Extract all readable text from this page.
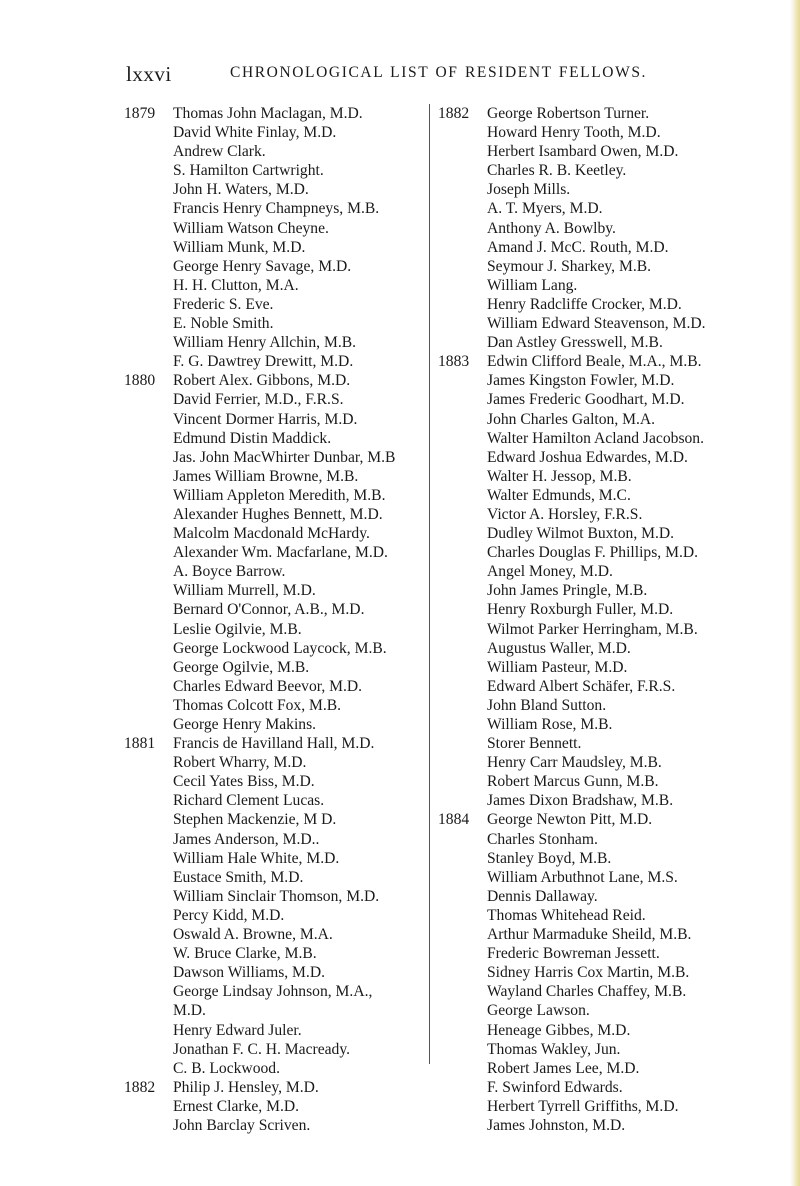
lxxvi	CHRONOLOGICAL LIST OF RESIDENT FELLOWS.
1879 Thomas John Maclagan, M.D.
David White Finlay, M.D.
Andrew Clark.
S. Hamilton Cartwright.
John H. Waters, M.D.
Francis Henry Champneys, M.B.
William Watson Cheyne.
William Munk, M.D.
George Henry Savage, M.D.
H. H. Clutton, M.A.
Frederic S. Eve.
E. Noble Smith.
William Henry Allchin, M.B.
F. G. Dawtrey Drewitt, M.D.
1880 Robert Alex. Gibbons, M.D.
David Ferrier, M.D., F.R.S.
Vincent Dormer Harris, M.D.
Edmund Distin Maddick.
Jas. John MacWhirter Dunbar, M.B
James William Browne, M.B.
William Appleton Meredith, M.B.
Alexander Hughes Bennett, M.D.
Malcolm Macdonald McHardy.
Alexander Wm. Macfarlane, M.D.
A. Boyce Barrow.
William Murrell, M.D.
Bernard O'Connor, A.B., M.D.
Leslie Ogilvie, M.B.
George Lockwood Laycock, M.B.
George Ogilvie, M.B.
Charles Edward Beevor, M.D.
Thomas Colcott Fox, M.B.
George Henry Makins.
1881 Francis de Havilland Hall, M.D.
Robert Wharry, M.D.
Cecil Yates Biss, M.D.
Richard Clement Lucas.
Stephen Mackenzie, M D.
James Anderson, M.D..
William Hale White, M.D.
Eustace Smith, M.D.
William Sinclair Thomson, M.D.
Percy Kidd, M.D.
Oswald A. Browne, M.A.
W. Bruce Clarke, M.B.
Dawson Williams, M.D.
George Lindsay Johnson, M.A.,
M.D.
Henry Edward Juler.
Jonathan F. C. H. Macready.
C. B. Lockwood.
1882 Philip J. Hensley, M.D.
Ernest Clarke, M.D.
John Barclay Scriven.
1882 George Robertson Turner.
Howard Henry Tooth, M.D.
Herbert Isambard Owen, M.D.
Charles R. B. Keetley.
Joseph Mills.
A. T. Myers, M.D.
Anthony A. Bowlby.
Amand J. McC. Routh, M.D.
Seymour J. Sharkey, M.B.
William Lang.
Henry Radcliffe Crocker, M.D.
William Edward Steavenson, M.D.
Dan Astley Gresswell, M.B.
1883 Edwin Clifford Beale, M.A., M.B.
James Kingston Fowler, M.D.
James Frederic Goodhart, M.D.
John Charles Galton, M.A.
Walter Hamilton Acland Jacobson.
Edward Joshua Edwardes, M.D.
Walter H. Jessop, M.B.
Walter Edmunds, M.C.
Victor A. Horsley, F.R.S.
Dudley Wilmot Buxton, M.D.
Charles Douglas F. Phillips, M.D.
Angel Money, M.D.
John James Pringle, M.B.
Henry Roxburgh Fuller, M.D.
Wilmot Parker Herringham, M.B.
Augustus Waller, M.D.
William Pasteur, M.D.
Edward Albert Schäfer, F.R.S.
John Bland Sutton.
William Rose, M.B.
Storer Bennett.
Henry Carr Maudsley, M.B.
Robert Marcus Gunn, M.B.
James Dixon Bradshaw, M.B.
1884 George Newton Pitt, M.D.
Charles Stonham.
Stanley Boyd, M.B.
William Arbuthnot Lane, M.S.
Dennis Dallaway.
Thomas Whitehead Reid.
Arthur Marmaduke Sheild, M.B.
Frederic Bowreman Jessett.
Sidney Harris Cox Martin, M.B.
Wayland Charles Chaffey, M.B.
George Lawson.
Heneage Gibbes, M.D.
Thomas Wakley, Jun.
Robert James Lee, M.D.
F. Swinford Edwards.
Herbert Tyrrell Griffiths, M.D.
James Johnston, M.D.
